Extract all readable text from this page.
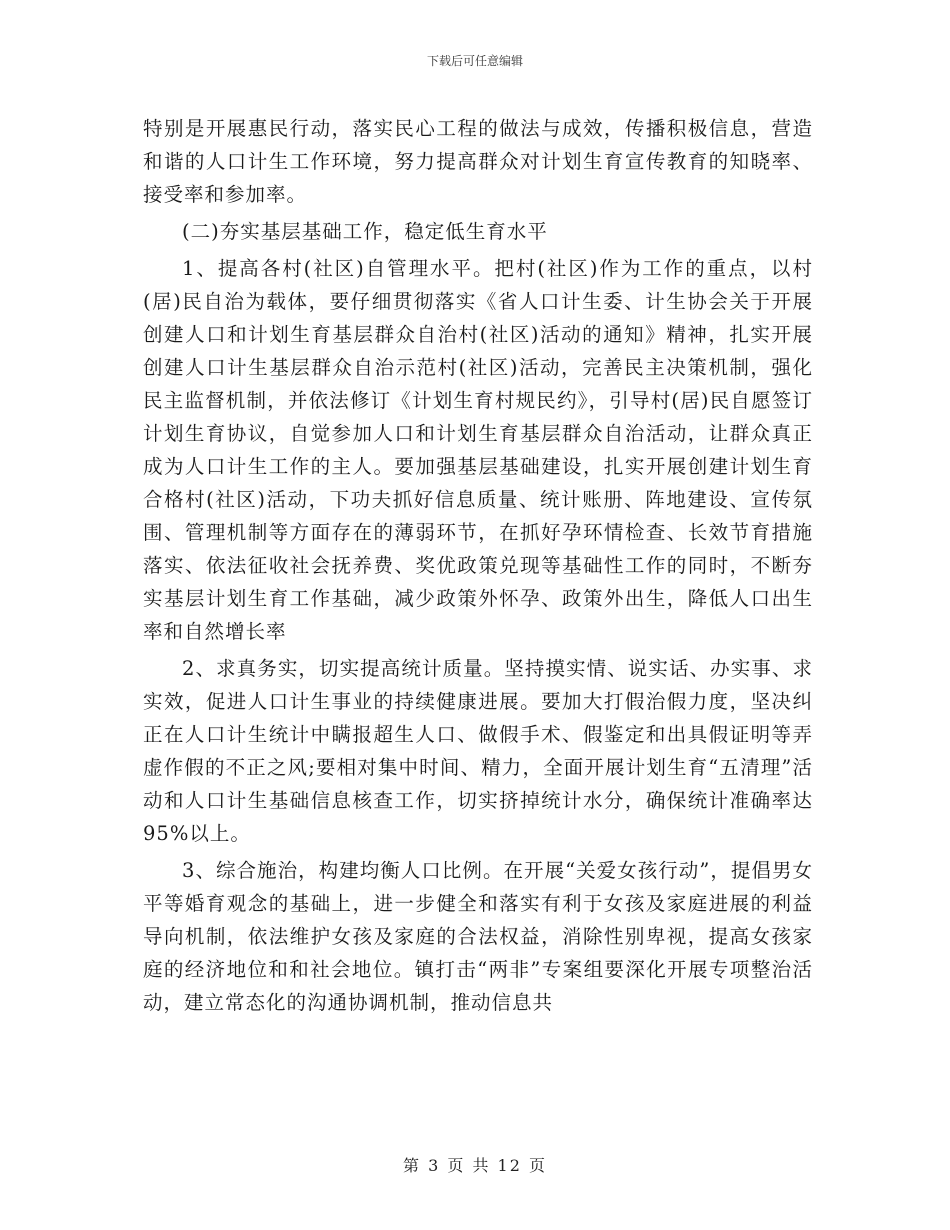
下载后可任意编辑

特别是开展惠民行动，落实民心工程的做法与成效，传播积极信息，营造和谐的人口计生工作环境，努力提高群众对计划生育宣传教育的知晓率、接受率和参加率。

(二)夯实基层基础工作，稳定低生育水平

1、提高各村(社区)自管理水平。把村(社区)作为工作的重点，以村(居)民自治为载体，要仔细贯彻落实《省人口计生委、计生协会关于开展创建人口和计划生育基层群众自治村(社区)活动的通知》精神，扎实开展创建人口计生基层群众自治示范村(社区)活动，完善民主决策机制，强化民主监督机制，并依法修订《计划生育村规民约》，引导村(居)民自愿签订计划生育协议，自觉参加人口和计划生育基层群众自治活动，让群众真正成为人口计生工作的主人。要加强基层基础建设，扎实开展创建计划生育合格村(社区)活动，下功夫抓好信息质量、统计账册、阵地建设、宣传氛围、管理机制等方面存在的薄弱环节，在抓好孕环情检查、长效节育措施落实、依法征收社会抚养费、奖优政策兑现等基础性工作的同时，不断夯实基层计划生育工作基础，减少政策外怀孕、政策外出生，降低人口出生率和自然增长率

2、求真务实，切实提高统计质量。坚持摸实情、说实话、办实事、求实效，促进人口计生事业的持续健康进展。要加大打假治假力度，坚决纠正在人口计生统计中瞒报超生人口、做假手术、假鉴定和出具假证明等弄虚作假的不正之风;要相对集中时间、精力，全面开展计划生育“五清理”活动和人口计生基础信息核查工作，切实挤掉统计水分，确保统计准确率达95%以上。

3、综合施治，构建均衡人口比例。在开展“关爱女孩行动”，提倡男女平等婚育观念的基础上，进一步健全和落实有利于女孩及家庭进展的利益导向机制，依法维护女孩及家庭的合法权益，消除性别卑视，提高女孩家庭的经济地位和和社会地位。镇打击“两非”专案组要深化开展专项整治活动，建立常态化的沟通协调机制，推动信息共

第 3 页 共 12 页
